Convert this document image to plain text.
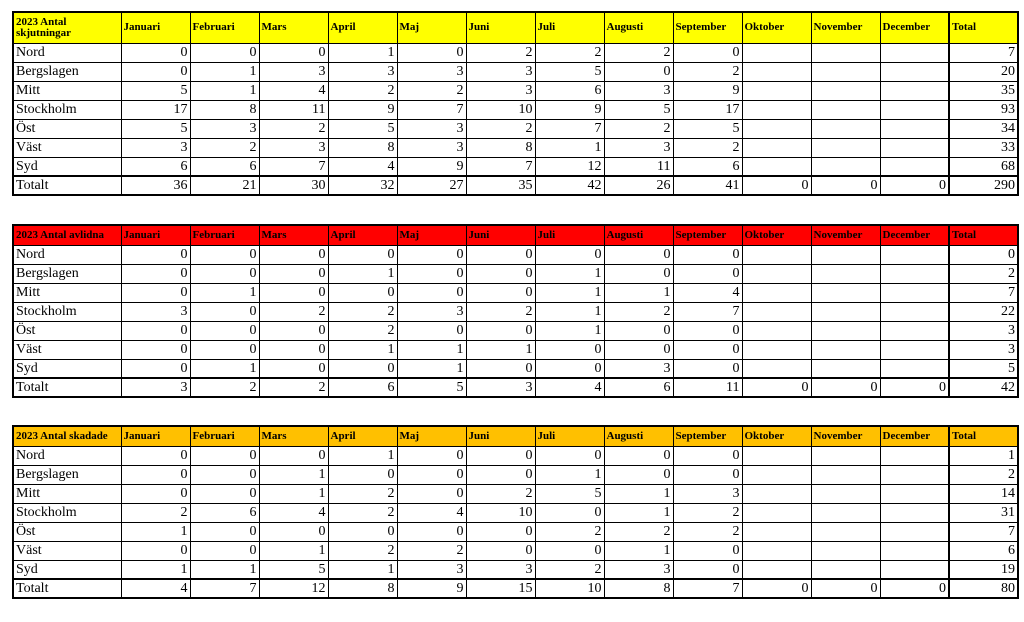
2023 Antal skjutningar	Januari	Februari	Mars	April	Maj	Juni	Juli	Augusti	September	Oktober	November	December	Total
Nord	0	0	0	1	0	2	2	2	0				7
Bergslagen	0	1	3	3	3	3	5	0	2				20
Mitt	5	1	4	2	2	3	6	3	9				35
Stockholm	17	8	11	9	7	10	9	5	17				93
Öst	5	3	2	5	3	2	7	2	5				34
Väst	3	2	3	8	3	8	1	3	2				33
Syd	6	6	7	4	9	7	12	11	6				68
Totalt	36	21	30	32	27	35	42	26	41	0	0	0	290
2023 Antal avlidna	Januari	Februari	Mars	April	Maj	Juni	Juli	Augusti	September	Oktober	November	December	Total
Nord	0	0	0	0	0	0	0	0	0				0
Bergslagen	0	0	0	1	0	0	1	0	0				2
Mitt	0	1	0	0	0	0	1	1	4				7
Stockholm	3	0	2	2	3	2	1	2	7				22
Öst	0	0	0	2	0	0	1	0	0				3
Väst	0	0	0	1	1	1	0	0	0				3
Syd	0	1	0	0	1	0	0	3	0				5
Totalt	3	2	2	6	5	3	4	6	11	0	0	0	42
2023 Antal skadade	Januari	Februari	Mars	April	Maj	Juni	Juli	Augusti	September	Oktober	November	December	Total
Nord	0	0	0	1	0	0	0	0	0				1
Bergslagen	0	0	1	0	0	0	1	0	0				2
Mitt	0	0	1	2	0	2	5	1	3				14
Stockholm	2	6	4	2	4	10	0	1	2				31
Öst	1	0	0	0	0	0	2	2	2				7
Väst	0	0	1	2	2	0	0	1	0				6
Syd	1	1	5	1	3	3	2	3	0				19
Totalt	4	7	12	8	9	15	10	8	7	0	0	0	80
